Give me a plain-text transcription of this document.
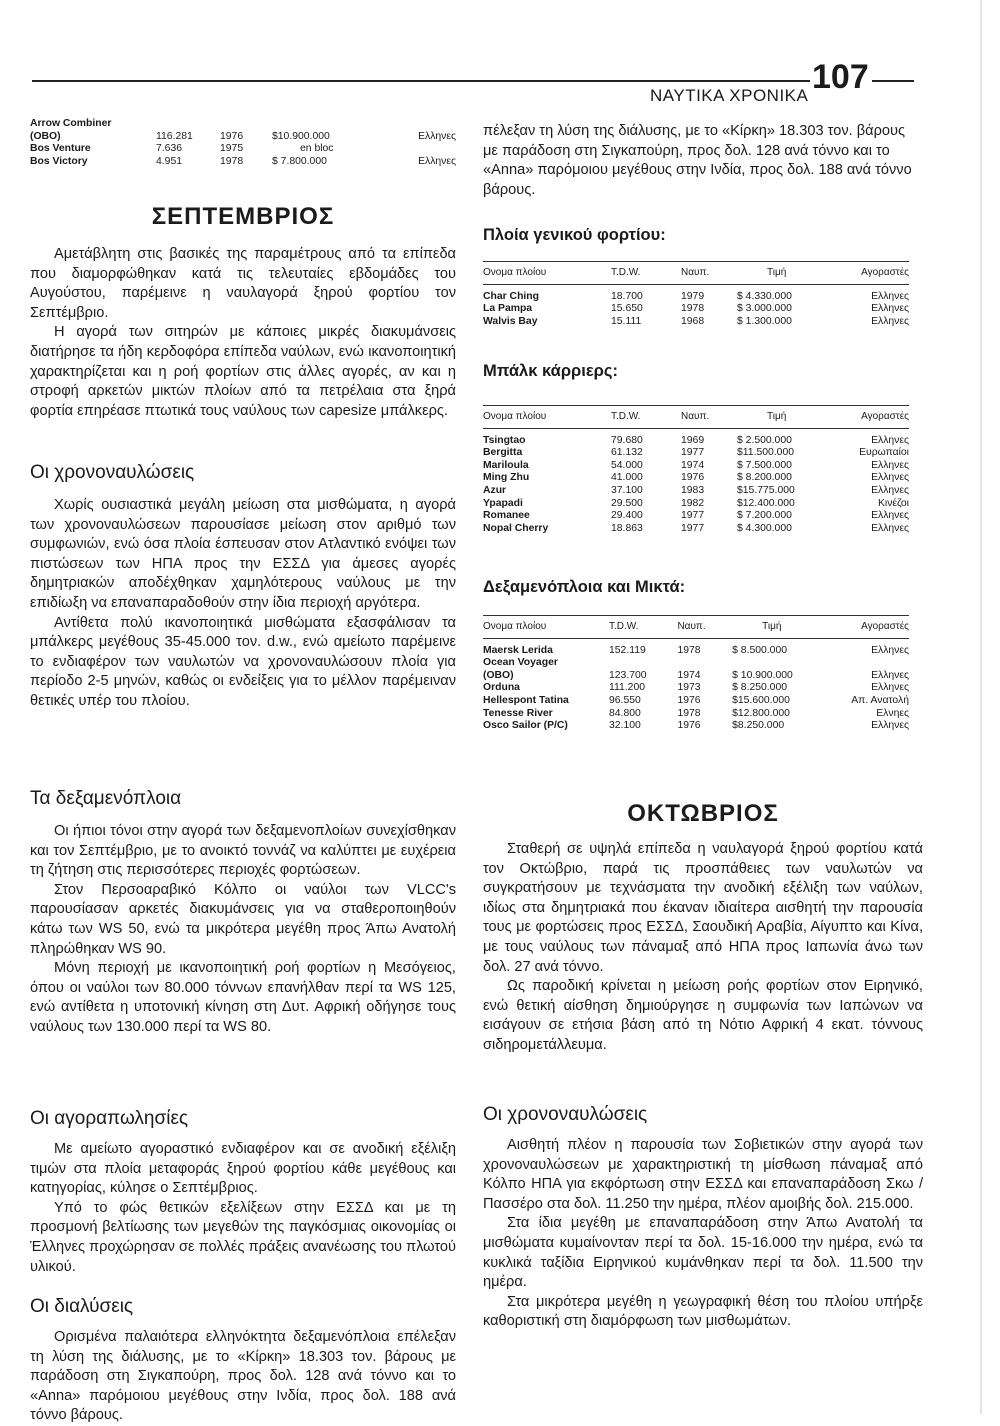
ΝΑΥΤΙΚΑ ΧΡΟΝΙΚΑ 107
Arrow Combiner				
(OBO)	116.281	1976	$10.900.000	Ελληνες
Bos Venture	7.636	1975	en bloc	
Bos Victory	4.951	1978	$ 7.800.000	Ελληνες
ΣΕΠΤΕΜΒΡΙΟΣ

Αμετάβλητη στις βασικές της παραμέτρους από τα επίπεδα που διαμορφώθηκαν κατά τις τελευταίες εβδομάδες του Αυγούστου, παρέμεινε η ναυλαγορά ξηρού φορτίου τον Σεπτέμβριο.

Η αγορά των σιτηρών με κάποιες μικρές διακυμάνσεις διατήρησε τα ήδη κερδοφόρα επίπεδα ναύλων, ενώ ικανοποιητική χαρακτηρίζεται και η ροή φορτίων στις άλλες αγορές, αν και η στροφή αρκετών μικτών πλοίων από τα πετρέλαια στα ξηρά φορτία επηρέασε πτωτικά τους ναύλους των capesize μπάλκερς.

Οι χρονοναυλώσεις

Χωρίς ουσιαστικά μεγάλη μείωση στα μισθώματα, η αγορά των χρονοναυλώσεων παρουσίασε μείωση στον αριθμό των συμφωνιών, ενώ όσα πλοία έσπευσαν στον Ατλαντικό ενόψει των πιστώσεων των ΗΠΑ προς την ΕΣΣΔ για άμεσες αγορές δημητριακών αποδέχθηκαν χαμηλότερους ναύλους με την επιδίωξη να επαναπαραδοθούν στην ίδια περιοχή αργότερα.

Αντίθετα πολύ ικανοποιητικά μισθώματα εξασφάλισαν τα μπάλκερς μεγέθους 35-45.000 τον. d.w., ενώ αμείωτο παρέμεινε το ενδιαφέρον των ναυλωτών να χρονοναυλώσουν πλοία για περίοδο 2-5 μηνών, καθώς οι ενδείξεις για το μέλλον παρέμειναν θετικές υπέρ του πλοίου.

Τα δεξαμενόπλοια

Οι ήπιοι τόνοι στην αγορά των δεξαμενοπλοίων συνεχίσθηκαν και τον Σεπτέμβριο, με το ανοικτό τοννάζ να καλύπτει με ευχέρεια τη ζήτηση στις περισσότερες περιοχές φορτώσεων.

Στον Περσοαραβικό Κόλπο οι ναύλοι των VLCC's παρουσίασαν αρκετές διακυμάνσεις για να σταθεροποιηθούν κάτω των WS 50, ενώ τα μικρότερα μεγέθη προς Άπω Ανατολή πληρώθηκαν WS 90.

Μόνη περιοχή με ικανοποιητική ροή φορτίων η Μεσόγειος, όπου οι ναύλοι των 80.000 τόννων επανήλθαν περί τα WS 125, ενώ αντίθετα η υποτονική κίνηση στη Δυτ. Αφρική οδήγησε τους ναύλους των 130.000 περί τα WS 80.

Οι αγοραπωλησίες

Με αμείωτο αγοραστικό ενδιαφέρον και σε ανοδική εξέλιξη τιμών στα πλοία μεταφοράς ξηρού φορτίου κάθε μεγέθους και κατηγορίας, κύλησε ο Σεπτέμβριος.

Υπό το φώς θετικών εξελίξεων στην ΕΣΣΔ και με τη προσμονή βελτίωσης των μεγεθών της παγκόσμιας οικονομίας οι Έλληνες προχώρησαν σε πολλές πράξεις ανανέωσης του πλωτού υλικού.

Οι διαλύσεις

Ορισμένα παλαιότερα ελληνόκτητα δεξαμενόπλοια επέλεξαν τη λύση της διάλυσης, με το «Κίρκη» 18.303 τον. βάρους με παράδοση στη Σιγκαπούρη, προς δολ. 128 ανά τόννο και το «Anna» παρόμοιου μεγέθους στην Ινδία, προς δολ. 188 ανά τόννο βάρους.

πέλεξαν τη λύση της διάλυσης, με το «Κίρκη» 18.303 τον. βάρους με παράδοση στη Σιγκαπούρη, προς δολ. 128 ανά τόννο και το «Anna» παρόμοιου μεγέθους στην Ινδία, προς δολ. 188 ανά τόννο βάρους.

Πλοία γενικού φορτίου:
Ονομα πλοίου	T.D.W.	Ναυπ.	Τιμή	Αγοραστές
Char Ching	18.700	1979	$ 4.330.000	Ελληνες
La Pampa	15.650	1978	$ 3.000.000	Ελληνες
Walvis Bay	15.111	1968	$ 1.300.000	Ελληνες
Μπάλκ κάρριερς:
Ονομα πλοίου	T.D.W.	Ναυπ.	Τιμή	Αγοραστές
Tsingtao	79.680	1969	$ 2.500.000	Ελληνες
Bergitta	61.132	1977	$11.500.000	Ευρωπαίοι
Mariloula	54.000	1974	$ 7.500.000	Ελληνες
Ming Zhu	41.000	1976	$ 8.200.000	Ελληνες
Azur	37.100	1983	$15.775.000	Ελληνες
Ypapadi	29.500	1982	$12.400.000	Κινέζοι
Romanee	29.400	1977	$ 7.200.000	Ελληνες
Nopal Cherry	18.863	1977	$ 4.300.000	Ελληνες
Δεξαμενόπλοια και Μικτά:
Ονομα πλοίου	T.D.W.	Ναυπ.	Τιμή	Αγοραστές
Maersk Lerida	152.119	1978	$ 8.500.000	Ελληνες
Ocean Voyager				
(OBO)	123.700	1974	$ 10.900.000	Ελληνες
Orduna	111.200	1973	$ 8.250.000	Ελληνες
Hellespont Tatina	96.550	1976	$15.600.000	Απ. Ανατολή
Tenesse River	84.800	1978	$12.800.000	Ελνηες
Osco Sailor (P/C)	32.100	1976	$8.250.000	Ελληνες
ΟΚΤΩΒΡΙΟΣ

Σταθερή σε υψηλά επίπεδα η ναυλαγορά ξηρού φορτίου κατά τον Οκτώβριο, παρά τις προσπάθειες των ναυλωτών να συγκρατήσουν με τεχνάσματα την ανοδική εξέλιξη των ναύλων, ιδίως στα δημητριακά που έκαναν ιδιαίτερα αισθητή την παρουσία τους με φορτώσεις προς ΕΣΣΔ, Σαουδική Αραβία, Αίγυπτο και Κίνα, με τους ναύλους των πάναμαξ από ΗΠΑ προς Ιαπωνία άνω των δολ. 27 ανά τόννο.

Ως παροδική κρίνεται η μείωση ροής φορτίων στον Ειρηνικό, ενώ θετική αίσθηση δημιούργησε η συμφωνία των Ιαπώνων να εισάγουν σε ετήσια βάση από τη Νότιο Αφρική 4 εκατ. τόννους σιδηρομετάλλευμα.

Οι χρονοναυλώσεις

Αισθητή πλέον η παρουσία των Σοβιετικών στην αγορά των χρονοναυλώσεων με χαρακτηριστική τη μίσθωση πάναμαξ από Κόλπο ΗΠΑ για εκφόρτωση στην ΕΣΣΔ και επαναπαράδοση Σκω / Πασσέρο στα δολ. 11.250 την ημέρα, πλέον αμοιβής δολ. 215.000.

Στα ίδια μεγέθη με επαναπαράδοση στην Άπω Ανατολή τα μισθώματα κυμαίνονταν περί τα δολ. 15-16.000 την ημέρα, ενώ τα κυκλικά ταξίδια Ειρηνικού κυμάνθηκαν περί τα δολ. 11.500 την ημέρα.

Στα μικρότερα μεγέθη η γεωγραφική θέση του πλοίου υπήρξε καθοριστική στη διαμόρφωση των μισθωμάτων.
